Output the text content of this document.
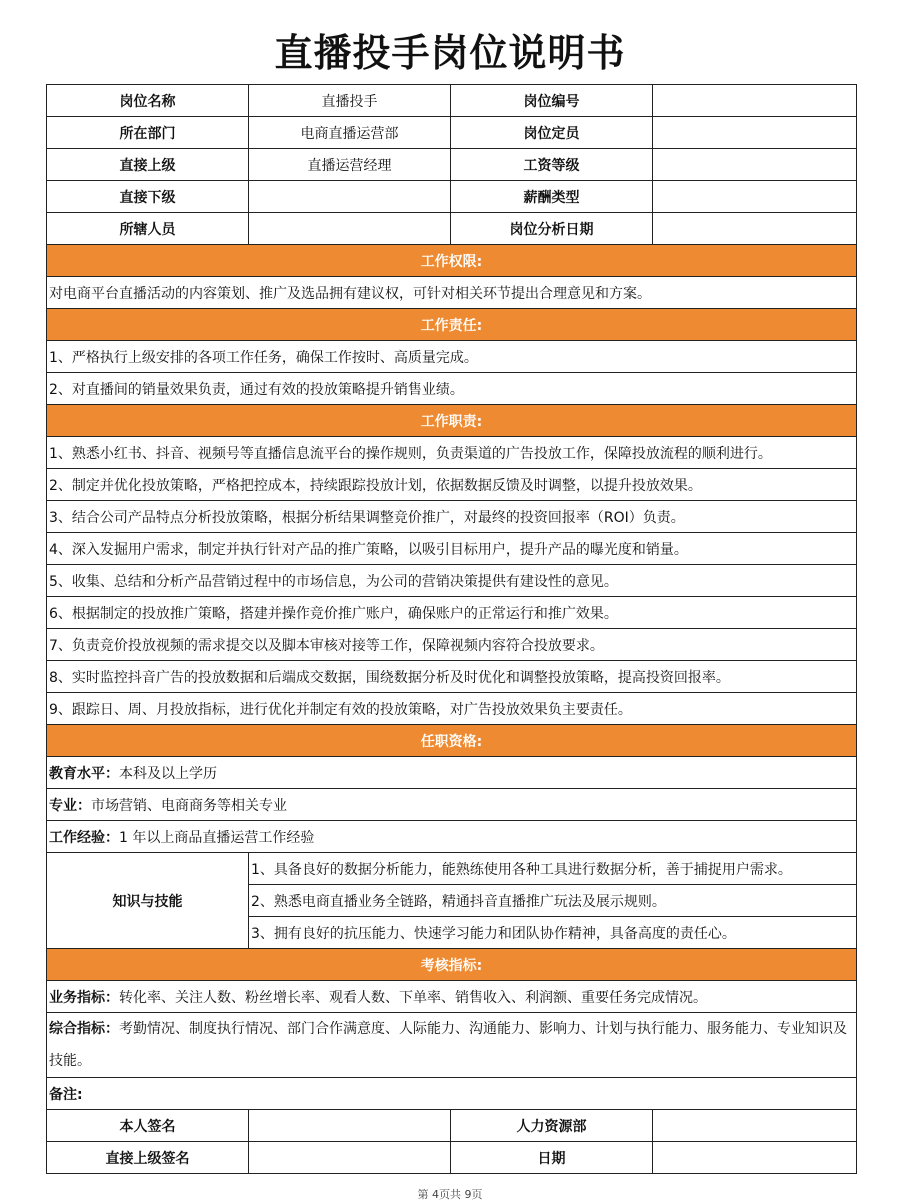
直播投手岗位说明书
岗位名称	直播投手	岗位编号	
所在部门	电商直播运营部	岗位定员	
直接上级	直播运营经理	工资等级	
直接下级		薪酬类型	
所辖人员		岗位分析日期	
工作权限:			
对电商平台直播活动的内容策划、推广及选品拥有建议权，可针对相关环节提出合理意见和方案。			
工作责任:			
1、严格执行上级安排的各项工作任务，确保工作按时、高质量完成。			
2、对直播间的销量效果负责，通过有效的投放策略提升销售业绩。			
工作职责:			
1、熟悉小红书、抖音、视频号等直播信息流平台的操作规则，负责渠道的广告投放工作，保障投放流程的顺利进行。			
2、制定并优化投放策略，严格把控成本，持续跟踪投放计划，依据数据反馈及时调整，以提升投放效果。			
3、结合公司产品特点分析投放策略，根据分析结果调整竞价推广，对最终的投资回报率（ROI）负责。			
4、深入发掘用户需求，制定并执行针对产品的推广策略，以吸引目标用户，提升产品的曝光度和销量。			
5、收集、总结和分析产品营销过程中的市场信息，为公司的营销决策提供有建设性的意见。			
6、根据制定的投放推广策略，搭建并操作竞价推广账户，确保账户的正常运行和推广效果。			
7、负责竞价投放视频的需求提交以及脚本审核对接等工作，保障视频内容符合投放要求。			
8、实时监控抖音广告的投放数据和后端成交数据，围绕数据分析及时优化和调整投放策略，提高投资回报率。			
9、跟踪日、周、月投放指标，进行优化并制定有效的投放策略，对广告投放效果负主要责任。			
任职资格:			
教育水平：本科及以上学历			
专业：市场营销、电商商务等相关专业			
工作经验：1 年以上商品直播运营工作经验			
知识与技能	1、具备良好的数据分析能力，能熟练使用各种工具进行数据分析，善于捕捉用户需求。		
	2、熟悉电商直播业务全链路，精通抖音直播推广玩法及展示规则。		
	3、拥有良好的抗压能力、快速学习能力和团队协作精神，具备高度的责任心。		
考核指标:			
业务指标：转化率、关注人数、粉丝增长率、观看人数、下单率、销售收入、利润额、重要任务完成情况。			
综合指标：考勤情况、制度执行情况、部门合作满意度、人际能力、沟通能力、影响力、计划与执行能力、服务能力、专业知识及技能。			
备注:			
本人签名		人力资源部	
直接上级签名		日期	
第 4页共 9页
